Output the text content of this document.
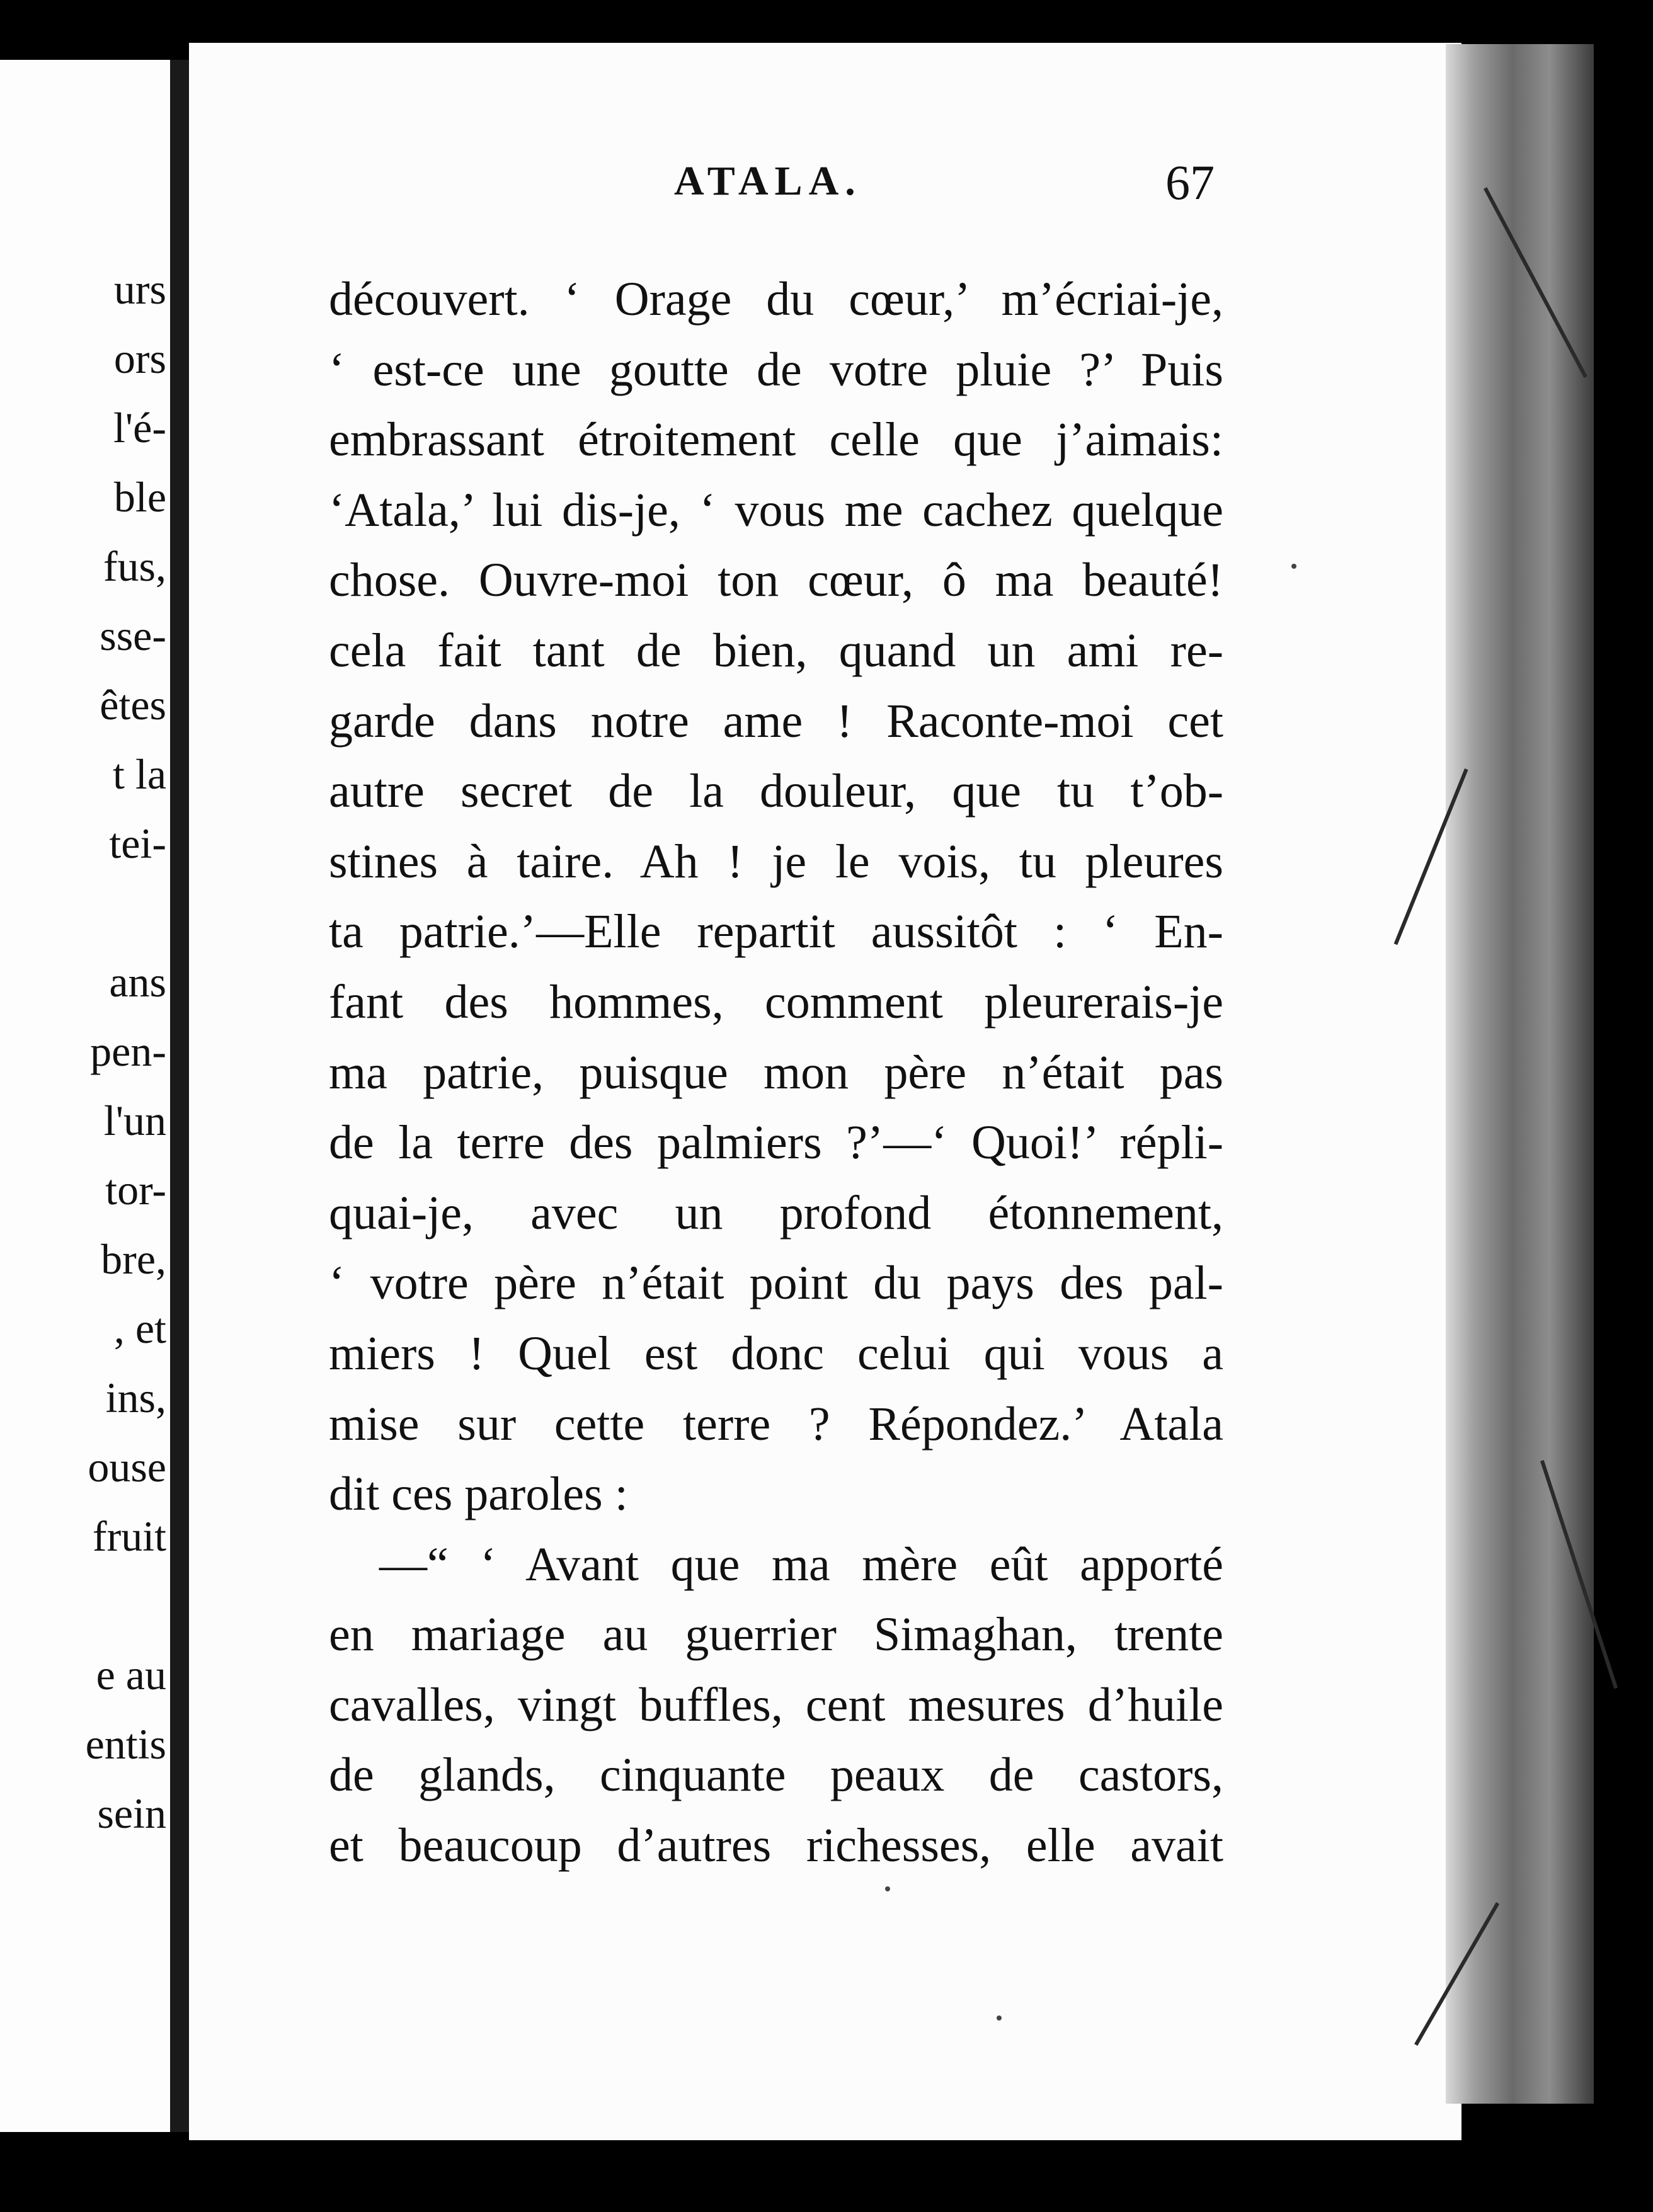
urs
ors
l'é-
ble
fus,
sse-
êtes
t la
tei-
ans
pen-
l'un
tor-
bre,
, et
ins,
ouse
fruit
e au
entis
sein
ATALA.	67
découvert. ‘ Orage du cœur,’ m’écriai-je,
‘ est-ce une goutte de votre pluie ?’ Puis
embrassant étroitement celle que j’aimais:
‘Atala,’ lui dis-je, ‘ vous me cachez quelque
chose. Ouvre-moi ton cœur, ô ma beauté!
cela fait tant de bien, quand un ami re-
garde dans notre ame ! Raconte-moi cet
autre secret de la douleur, que tu t’ob-
stines à taire. Ah ! je le vois, tu pleures
ta patrie.’—Elle repartit aussitôt : ‘ En-
fant des hommes, comment pleurerais-je
ma patrie, puisque mon père n’était pas
de la terre des palmiers ?’—‘ Quoi!’ répli-
quai-je, avec un profond étonnement,
‘ votre père n’était point du pays des pal-
miers ! Quel est donc celui qui vous a
mise sur cette terre ? Répondez.’ Atala
dit ces paroles :
—“ ‘ Avant que ma mère eût apporté
en mariage au guerrier Simaghan, trente
cavalles, vingt buffles, cent mesures d’huile
de glands, cinquante peaux de castors,
et beaucoup d’autres richesses, elle avait
